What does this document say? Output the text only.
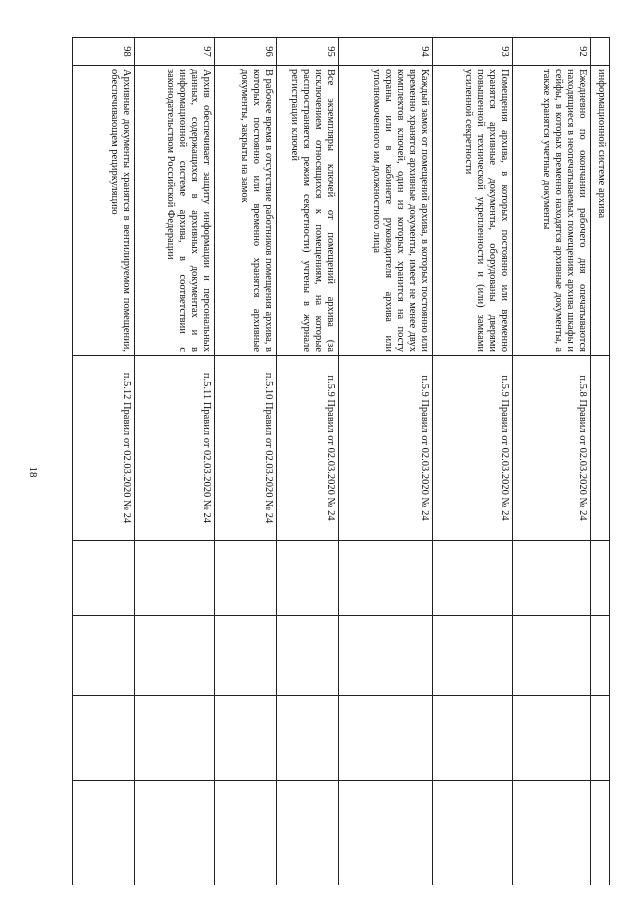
18
	информационной системе архива					
92	Ежедневно по окончании рабочего дня опечатываются находящиеся в неопечатываемых помещениях архива шкафы и сейфы, в которых временно находятся архивные документы, а также хранятся учетные документы	п.5.8 Правил от 02.03.2020 № 24				
93	Помещения архива, в которых постоянно или временно хранятся архивные документы, оборудованы дверями повышенной технической укрепленности и (или) замками усиленной секретности	п.5.9 Правил от 02.03.2020 № 24				
94	Каждый замок от помещений архива, в которых постоянно или временно хранятся архивные документы, имеет не менее двух комплектов ключей, один из которых хранится на посту охраны или в кабинете руководителя архива или уполномоченного им должностного лица	п.5.9 Правил от 02.03.2020 № 24				
95	Все экземпляры ключей от помещений архива (за исключением относящихся к помещениям, на которые распространяется режим секретности) учтены в журнале регистрации ключей	п.5.9 Правил от 02.03.2020 № 24				
96	В рабочее время в отсутствие работников помещения архива, в которых постоянно или временно хранятся архивные документы, закрыты на замок	п.5.10 Правил от 02.03.2020 № 24				
97	Архив обеспечивает защиту информации и персональных данных, содержащихся в архивных документах и в информационной системе архива, в соответствии с законодательством Российской Федерации	п.5.11 Правил от 02.03.2020 № 24				
98	Архивные документы хранятся в вентилируемом помещении, обеспечивающем рециркуляцию	п.5.12 Правил от 02.03.2020 № 24				
